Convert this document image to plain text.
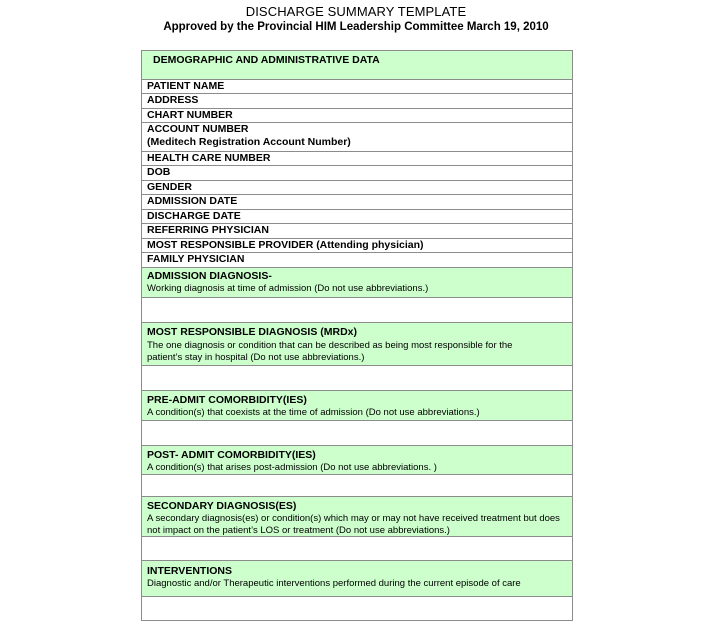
DISCHARGE SUMMARY TEMPLATE
Approved by the Provincial HIM Leadership Committee March 19, 2010
DEMOGRAPHIC AND ADMINISTRATIVE DATA
PATIENT NAME
ADDRESS
CHART NUMBER
ACCOUNT NUMBER
(Meditech Registration Account Number)
HEALTH CARE NUMBER
DOB
GENDER
ADMISSION DATE
DISCHARGE DATE
REFERRING PHYSICIAN
MOST RESPONSIBLE PROVIDER (Attending physician)
FAMILY PHYSICIAN
ADMISSION DIAGNOSIS-
Working diagnosis at time of admission (Do not use abbreviations.)
MOST RESPONSIBLE DIAGNOSIS (MRDx)
The one diagnosis or condition that can be described as being most responsible for the
patient’s stay in hospital (Do not use abbreviations.)
PRE-ADMIT COMORBIDITY(IES)
A condition(s) that coexists at the time of admission (Do not use abbreviations.)
POST- ADMIT COMORBIDITY(IES)
A condition(s) that arises post-admission (Do not use abbreviations. )
SECONDARY DIAGNOSIS(ES)
A secondary diagnosis(es) or condition(s) which may or may not have received treatment but does
not impact on the patient’s LOS or treatment (Do not use abbreviations.)
INTERVENTIONS
Diagnostic and/or Therapeutic interventions performed during the current episode of care
